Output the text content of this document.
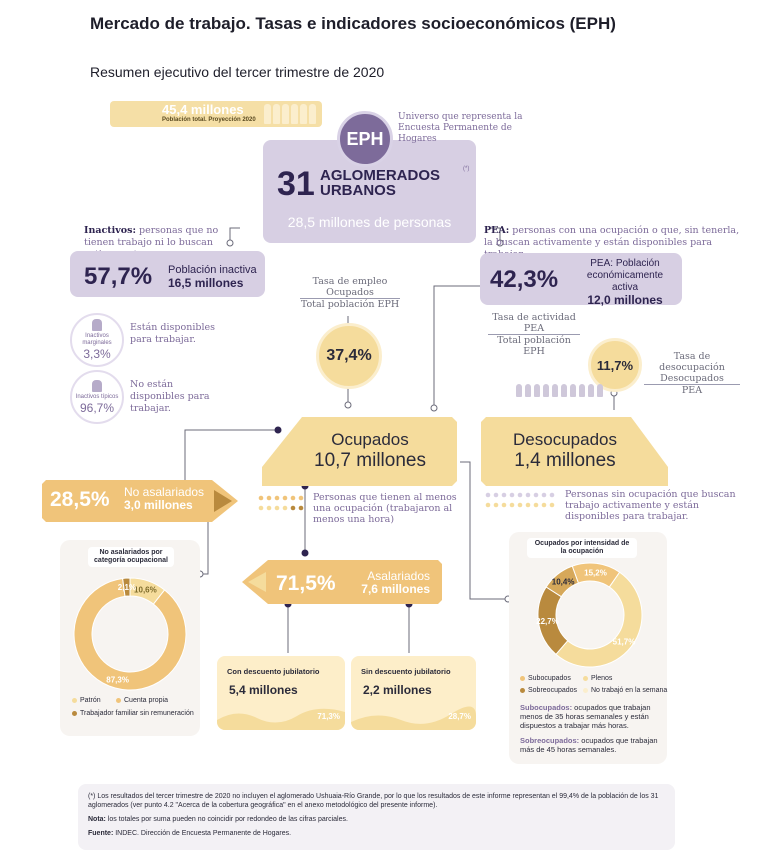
Mercado de trabajo. Tasas e indicadores socioeconómicos (EPH)
Resumen ejecutivo del tercer trimestre de 2020
45,4 millones
Población total. Proyección 2020
EPH
Universo que representa la Encuesta Permanente de Hogares
31 AGLOMERADOS URBANOS
(*)
28,5 millones de personas
Inactivos: personas que no tienen trabajo ni lo buscan
PEA: personas con una ocupación o que, sin tenerla, la buscan activamente y están disponibles para
57,7% Población inactiva
16,5 millones
Inactivos marginales
3,3%
Están disponibles para trabajar.
Inactivos típicos
96,7%
No están disponibles para trabajar.
Tasa de empleo
Ocupados
Total población EPH
37,4%
42,3%
PEA: Población económicamente activa
12,0 millones
Tasa de actividad
PEA
Total población EPH
11,7%
Tasa de desocupación
Desocupados
PEA
Ocupados
10,7 millones
Personas que tienen al menos una ocupación (trabajaron al menos una hora)
Desocupados
1,4 millones
Personas sin ocupación que buscan trabajo activamente y están disponibles para trabajar.
28,5% No asalariados
3,0 millones
71,5%	Asalariados
7,6 millones
No asalariados por categoría ocupacional
10,6%
87,3%
2,1%
Patrón	Cuenta propia
Trabajador familiar sin remuneración
Con descuento jubilatorio
5,4 millones
71,3%
Sin descuento jubilatorio
2,2 millones
28,7%
Ocupados por intensidad de la ocupación
15,2%
51,7%
22,7%
10,4%
Subocupados	Plenos
Sobreocupados	No trabajó en la semana
Subocupados: ocupados que trabajan menos de 35 horas semanales y están dispuestos a trabajar más horas.
Sobreocupados: ocupados que trabajan más de 45 horas semanales.

(*) Los resultados del tercer trimestre de 2020 no incluyen el aglomerado Ushuaia-Río Grande, por lo que los resultados de este informe representan el 99,4% de la población de los 31 aglomerados (ver punto 4.2 "Acerca de la cobertura geográfica" en el anexo metodológico del presente informe).

Nota: los totales por suma pueden no coincidir por redondeo de las cifras parciales.

Fuente: INDEC. Dirección de Encuesta Permanente de Hogares.
